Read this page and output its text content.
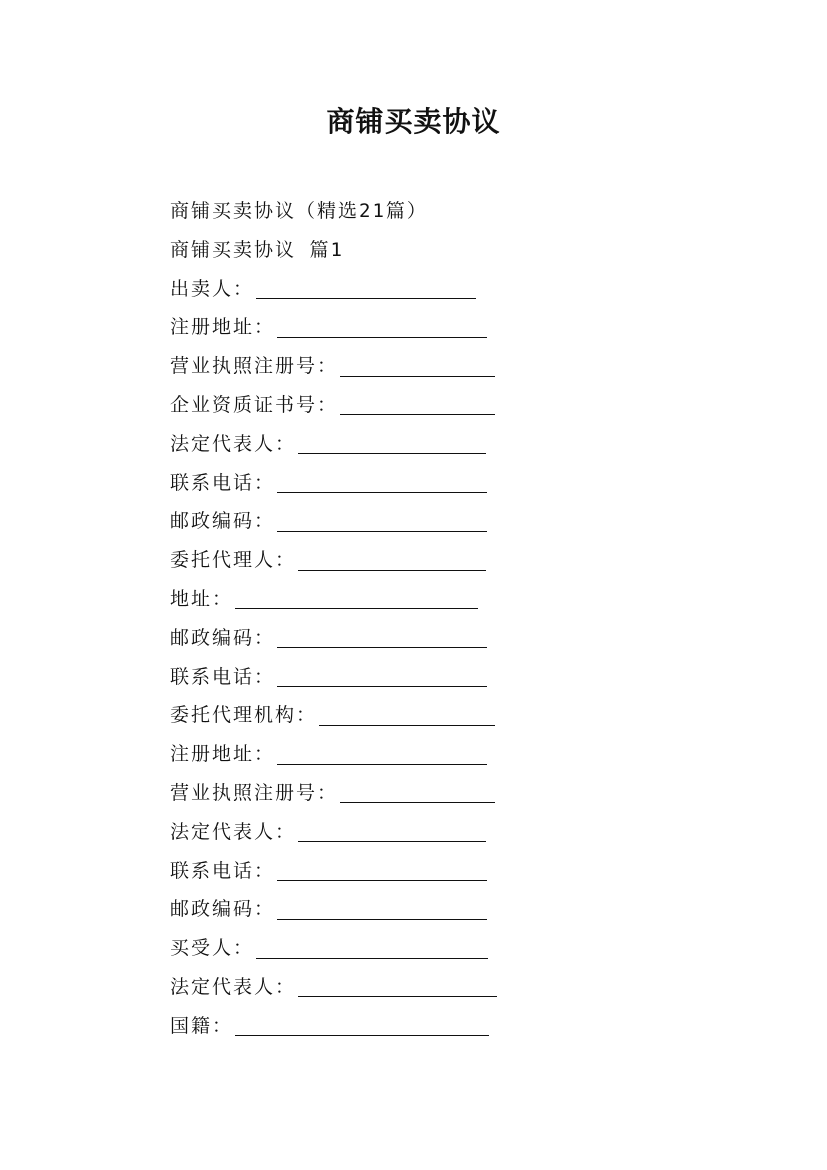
商铺买卖协议
商铺买卖协议（精选21篇）
商铺买卖协议 篇1
出卖人：
注册地址：
营业执照注册号：
企业资质证书号：
法定代表人：
联系电话：
邮政编码：
委托代理人：
地址：
邮政编码：
联系电话：
委托代理机构：
注册地址：
营业执照注册号：
法定代表人：
联系电话：
邮政编码：
买受人：
法定代表人：
国籍：
